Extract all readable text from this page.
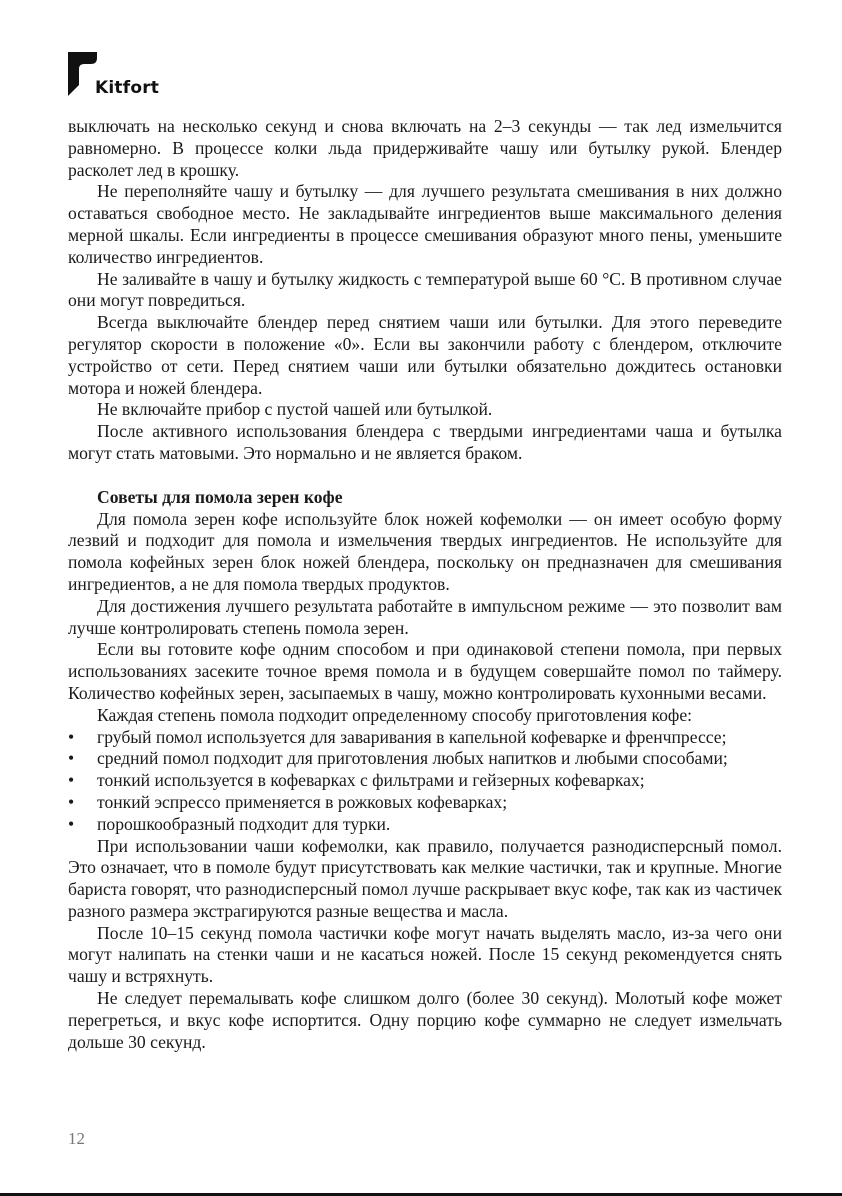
Kitfort

выключать на несколько секунд и снова включать на 2–3 секунды — так лед измельчится равномерно. В процессе колки льда придерживайте чашу или бутылку рукой. Блендер расколет лед в крошку.

Не переполняйте чашу и бутылку — для лучшего результата смешивания в них должно оставаться свободное место. Не закладывайте ингредиентов выше максимального деления мерной шкалы. Если ингредиенты в процессе смешивания образуют много пены, уменьшите количество ингредиентов.

Не заливайте в чашу и бутылку жидкость с температурой выше 60 °C. В противном случае они могут повредиться.

Всегда выключайте блендер перед снятием чаши или бутылки. Для этого переведите регулятор скорости в положение «0». Если вы закончили работу с блендером, отключите устройство от сети. Перед снятием чаши или бутылки обязательно дождитесь остановки мотора и ножей блендера.

Не включайте прибор с пустой чашей или бутылкой.

После активного использования блендера с твердыми ингредиентами чаша и бутылка могут стать матовыми. Это нормально и не является браком.

Советы для помола зерен кофе

Для помола зерен кофе используйте блок ножей кофемолки — он имеет особую форму лезвий и подходит для помола и измельчения твердых ингредиентов. Не используйте для помола кофейных зерен блок ножей блендера, поскольку он предназначен для смешивания ингредиентов, а не для помола твердых продуктов.

Для достижения лучшего результата работайте в импульсном режиме — это позволит вам лучше контролировать степень помола зерен.

Если вы готовите кофе одним способом и при одинаковой степени помола, при первых использованиях засеките точное время помола и в будущем совершайте помол по таймеру. Количество кофейных зерен, засыпаемых в чашу, можно контролировать кухонными весами.

Каждая степень помола подходит определенному способу приготовления кофе:

• грубый помол используется для заваривания в капельной кофеварке и френчпрессе;
• средний помол подходит для приготовления любых напитков и любыми способами;
• тонкий используется в кофеварках с фильтрами и гейзерных кофеварках;
• тонкий эспрессо применяется в рожковых кофеварках;
• порошкообразный подходит для турки.

При использовании чаши кофемолки, как правило, получается разнодисперсный помол. Это означает, что в помоле будут присутствовать как мелкие частички, так и крупные. Многие бариста говорят, что разнодисперсный помол лучше раскрывает вкус кофе, так как из частичек разного размера экстрагируются разные вещества и масла.

После 10–15 секунд помола частички кофе могут начать выделять масло, из-за чего они могут налипать на стенки чаши и не касаться ножей. После 15 секунд рекомендуется снять чашу и встряхнуть.

Не следует перемалывать кофе слишком долго (более 30 секунд). Молотый кофе может перегреться, и вкус кофе испортится. Одну порцию кофе суммарно не следует измельчать дольше 30 секунд.

12
